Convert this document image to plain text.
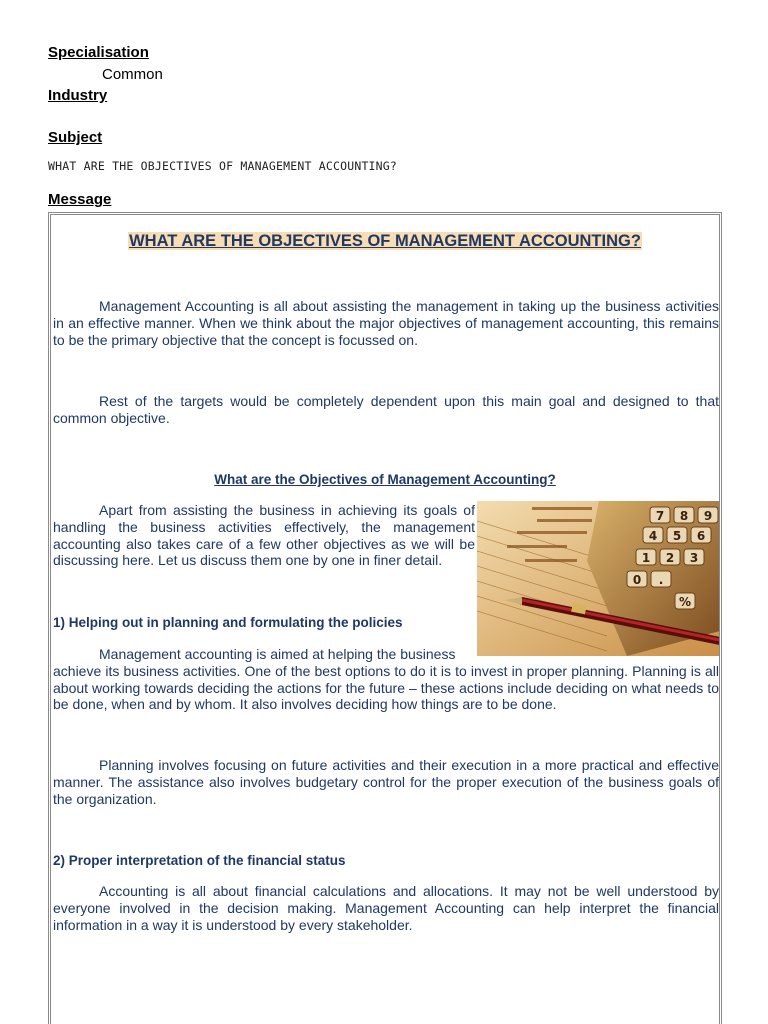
Specialisation
Common
Industry
Subject
WHAT ARE THE OBJECTIVES OF MANAGEMENT ACCOUNTING?
Message
WHAT ARE THE OBJECTIVES OF MANAGEMENT ACCOUNTING?
Management Accounting is all about assisting the management in taking up the business activities in an effective manner. When we think about the major objectives of management accounting, this remains to be the primary objective that the concept is focussed on.
Rest of the targets would be completely dependent upon this main goal and designed to that common objective.
What are the Objectives of Management Accounting?
Apart from assisting the business in achieving its goals of handling the business activities effectively, the management accounting also takes care of a few other objectives as we will be discussing here. Let us discuss them one by one in finer detail.
7 8 9
4 5 6
1 2 3
0 .
%
1) Helping out in planning and formulating the policies
Management accounting is aimed at helping the business
achieve its business activities. One of the best options to do it is to invest in proper planning. Planning is all about working towards deciding the actions for the future – these actions include deciding on what needs to be done, when and by whom. It also involves deciding how things are to be done.
Planning involves focusing on future activities and their execution in a more practical and effective manner. The assistance also involves budgetary control for the proper execution of the business goals of the organization.
2) Proper interpretation of the financial status
Accounting is all about financial calculations and allocations. It may not be well understood by everyone involved in the decision making. Management Accounting can help interpret the financial information in a way it is understood by every stakeholder.
